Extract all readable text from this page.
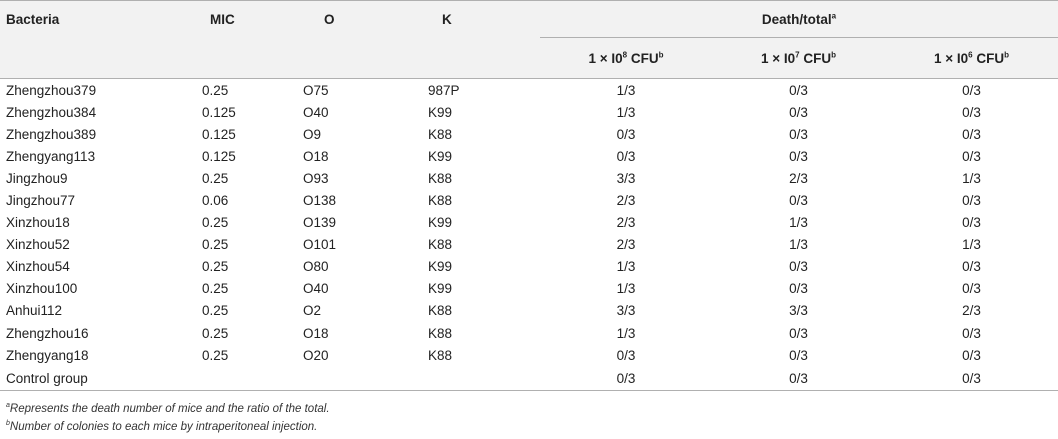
Bacteria	MIC	O	K	Death/total$^a$
				$1 \times I0^8$ CFU$^b$	$1 \times I0^7$ CFU$^b$	$1 \times I0^6$ CFU$^b$
Zhengzhou379	0.25	O75	987P	1/3	0/3	0/3
Zhengzhou384	0.125	O40	K99	1/3	0/3	0/3
Zhengzhou389	0.125	O9	K88	0/3	0/3	0/3
Zhengyang113	0.125	O18	K99	0/3	0/3	0/3
Jingzhou9	0.25	O93	K88	3/3	2/3	1/3
Jingzhou77	0.06	O138	K88	2/3	0/3	0/3
Xinzhou18	0.25	O139	K99	2/3	1/3	0/3
Xinzhou52	0.25	O101	K88	2/3	1/3	1/3
Xinzhou54	0.25	O80	K99	1/3	0/3	0/3
Xinzhou100	0.25	O40	K99	1/3	0/3	0/3
Anhui112	0.25	O2	K88	3/3	3/3	2/3
Zhengzhou16	0.25	O18	K88	1/3	0/3	0/3
Zhengyang18	0.25	O20	K88	0/3	0/3	0/3
Control group				0/3	0/3	0/3
$^a$Represents the death number of mice and the ratio of the total.
$^b$Number of colonies to each mice by intraperitoneal injection.
